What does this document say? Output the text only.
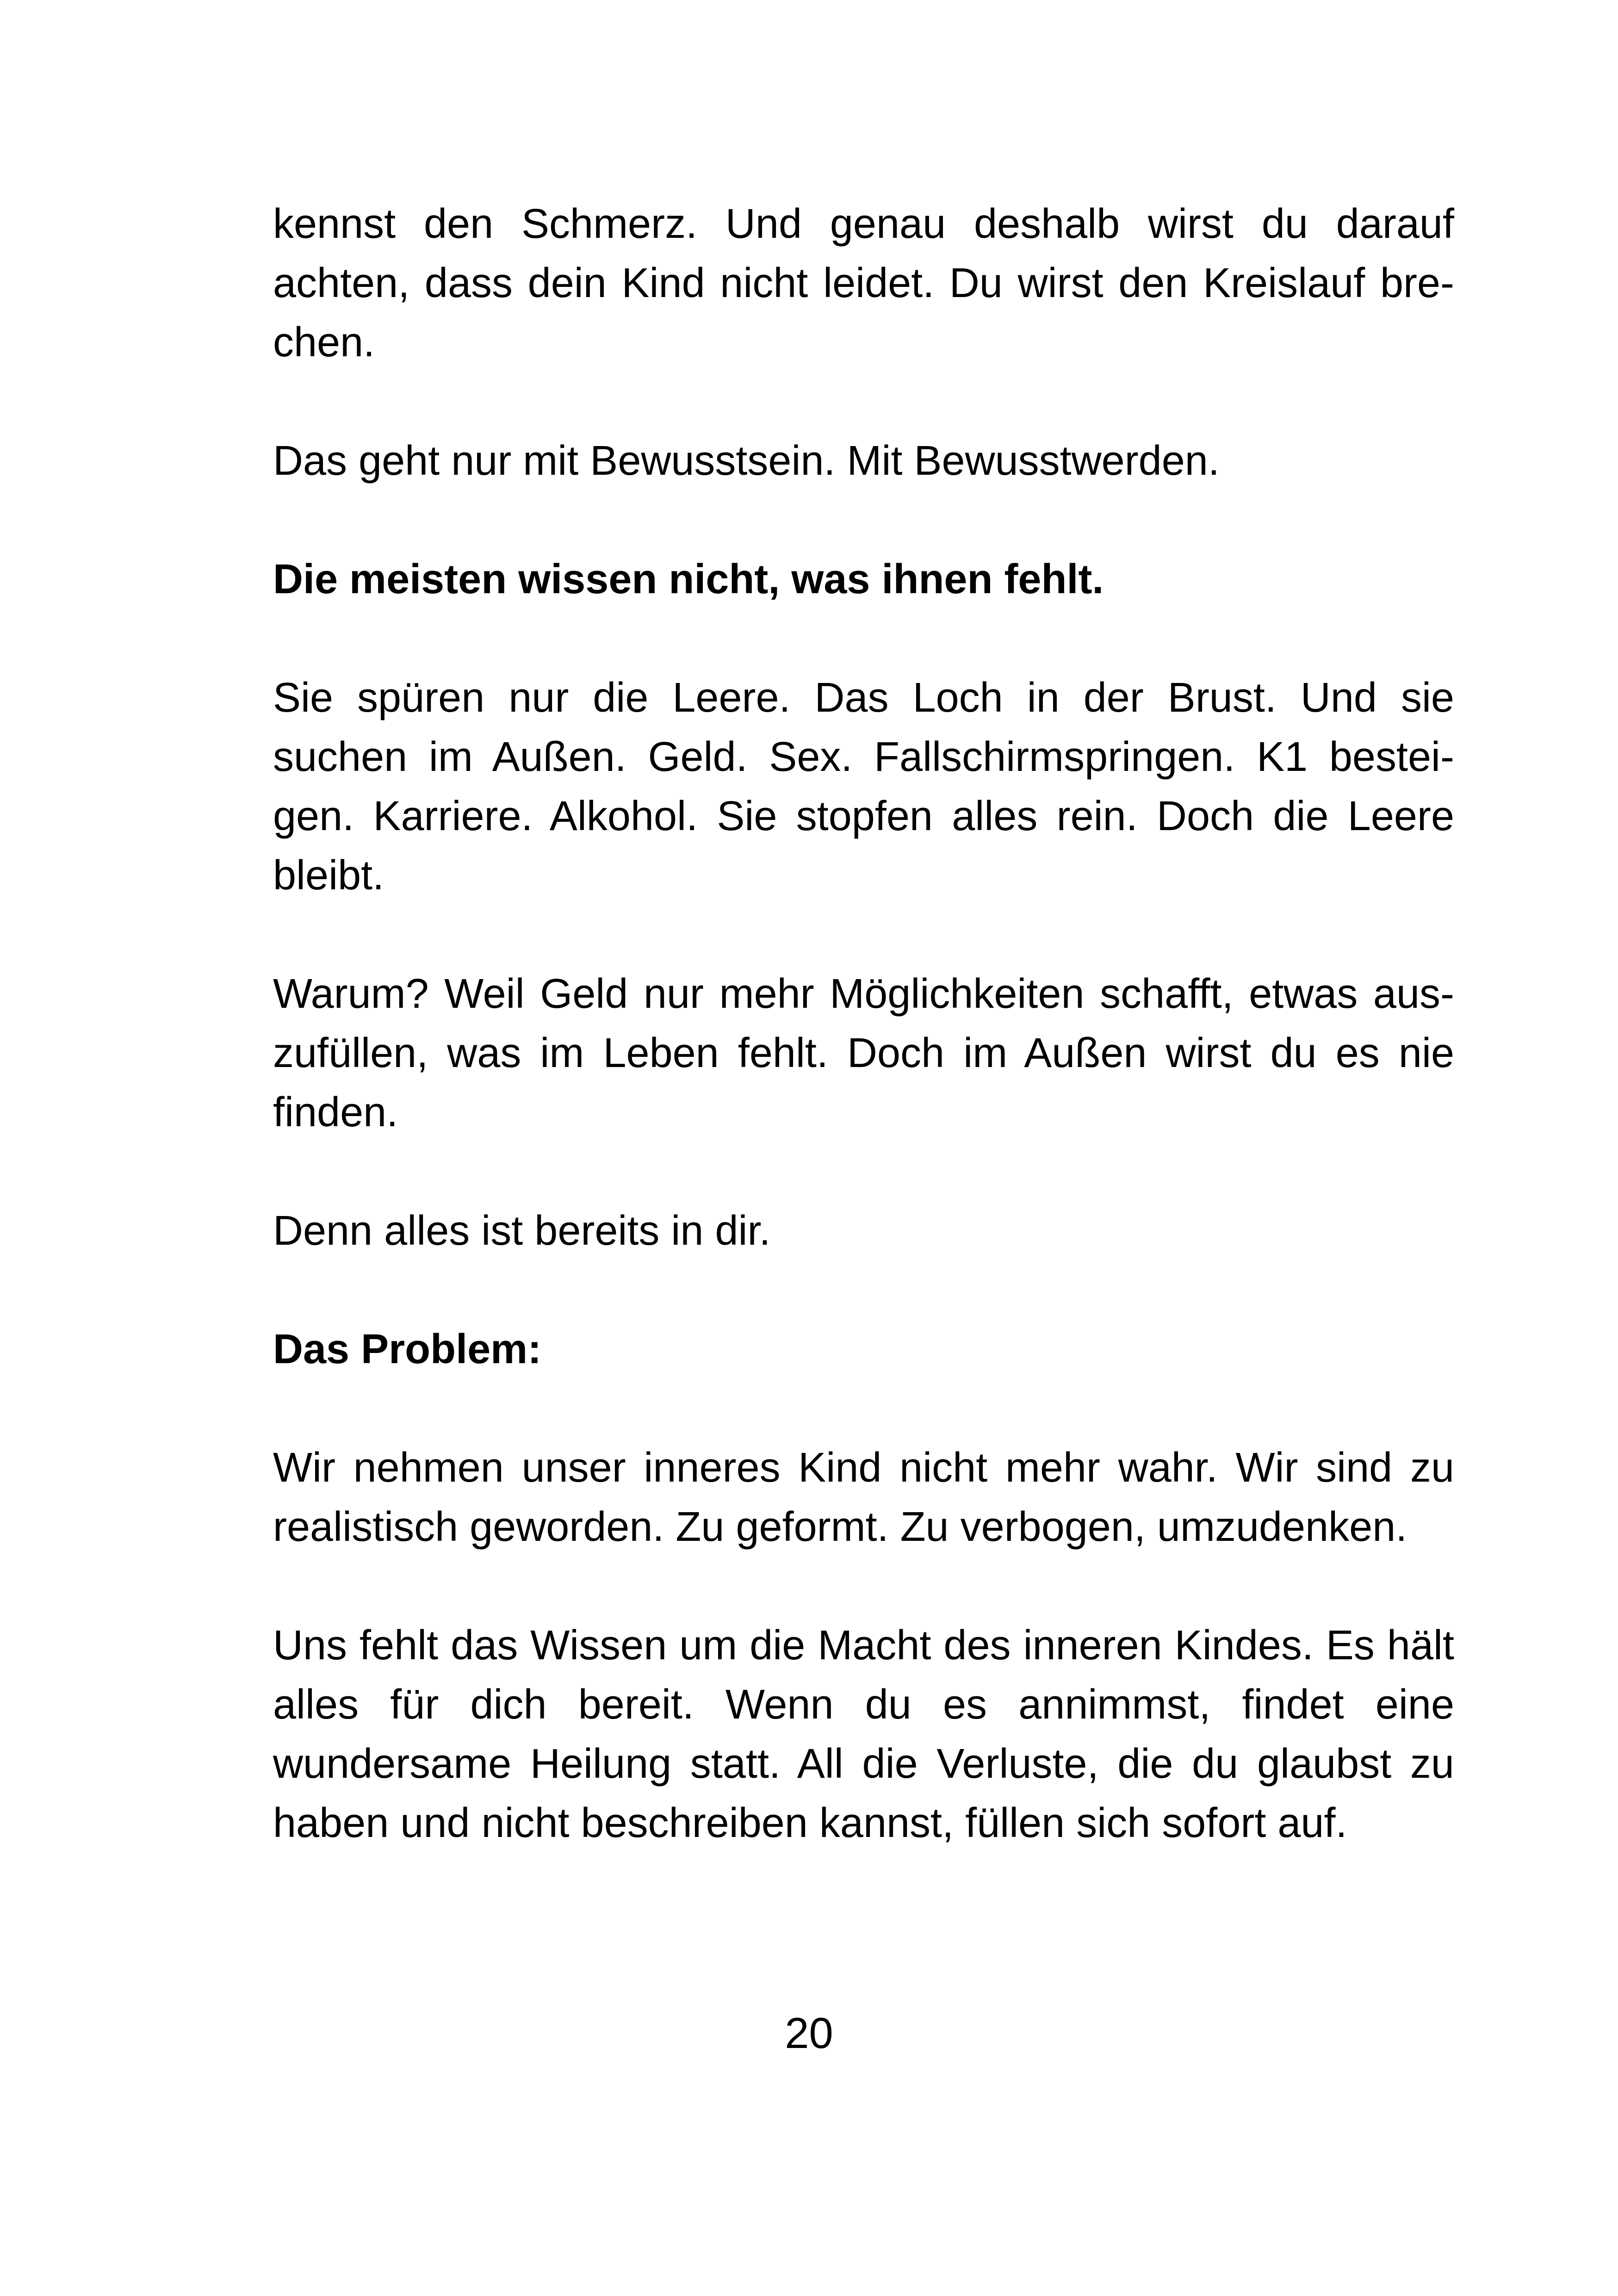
kennst den Schmerz. Und genau deshalb wirst du darauf achten, dass dein Kind nicht leidet. Du wirst den Kreislauf bre-chen.

Das geht nur mit Bewusstsein. Mit Bewusstwerden.

Die meisten wissen nicht, was ihnen fehlt.

Sie spüren nur die Leere. Das Loch in der Brust. Und sie suchen im Außen. Geld. Sex. Fallschirmspringen. K1 bestei-gen. Karriere. Alkohol. Sie stopfen alles rein. Doch die Leere bleibt.

Warum? Weil Geld nur mehr Möglichkeiten schafft, etwas aus-zufüllen, was im Leben fehlt. Doch im Außen wirst du es nie finden.

Denn alles ist bereits in dir.

Das Problem:

Wir nehmen unser inneres Kind nicht mehr wahr. Wir sind zu realistisch geworden. Zu geformt. Zu verbogen, umzudenken.

Uns fehlt das Wissen um die Macht des inneren Kindes. Es hält alles für dich bereit. Wenn du es annimmst, findet eine wundersame Heilung statt. All die Verluste, die du glaubst zu haben und nicht beschreiben kannst, füllen sich sofort auf.

20
